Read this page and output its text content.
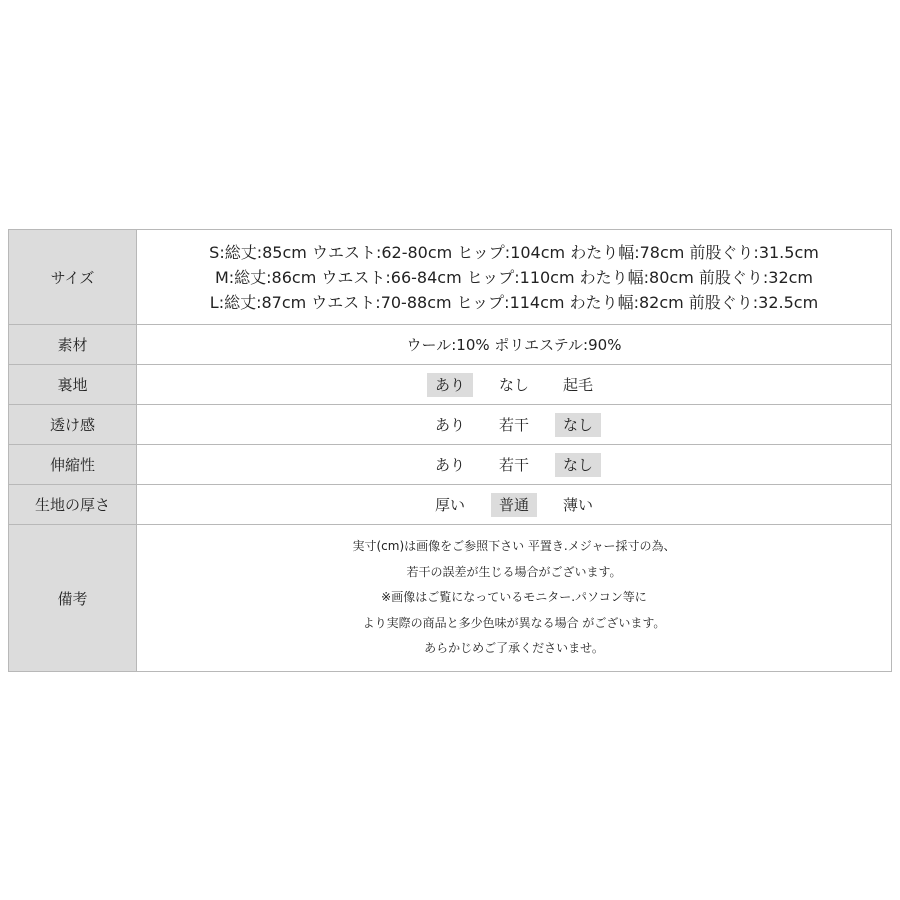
サイズ	S:総丈:85cm ウエスト:62-80cm ヒップ:104cm わたり幅:78cm 前股ぐり:31.5cm
M:総丈:86cm ウエスト:66-84cm ヒップ:110cm わたり幅:80cm 前股ぐり:32cm
L:総丈:87cm ウエスト:70-88cm ヒップ:114cm わたり幅:82cm 前股ぐり:32.5cm

素材	ウール:10% ポリエステル:90%
裏地	あり なし 起毛

透け感	あり 若干 なし

伸縮性	あり 若干 なし

生地の厚さ	厚い 普通 薄い

備考	実寸(cm)は画像をご参照下さい 平置き.メジャー採寸の為、
若干の誤差が生じる場合がございます。
※画像はご覧になっているモニター.パソコン等に
より実際の商品と多少色味が異なる場合 がございます。
あらかじめご了承くださいませ。
